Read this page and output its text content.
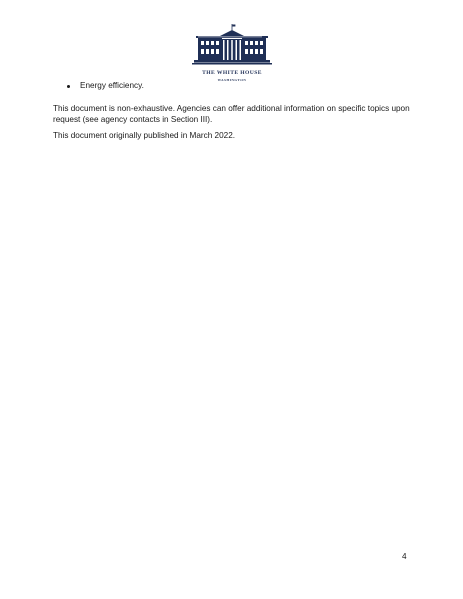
THE WHITE HOUSE
WASHINGTON
Energy efficiency.

This document is non-exhaustive. Agencies can offer additional information on specific topics upon request (see agency contacts in Section III).

This document originally published in March 2022.

4
